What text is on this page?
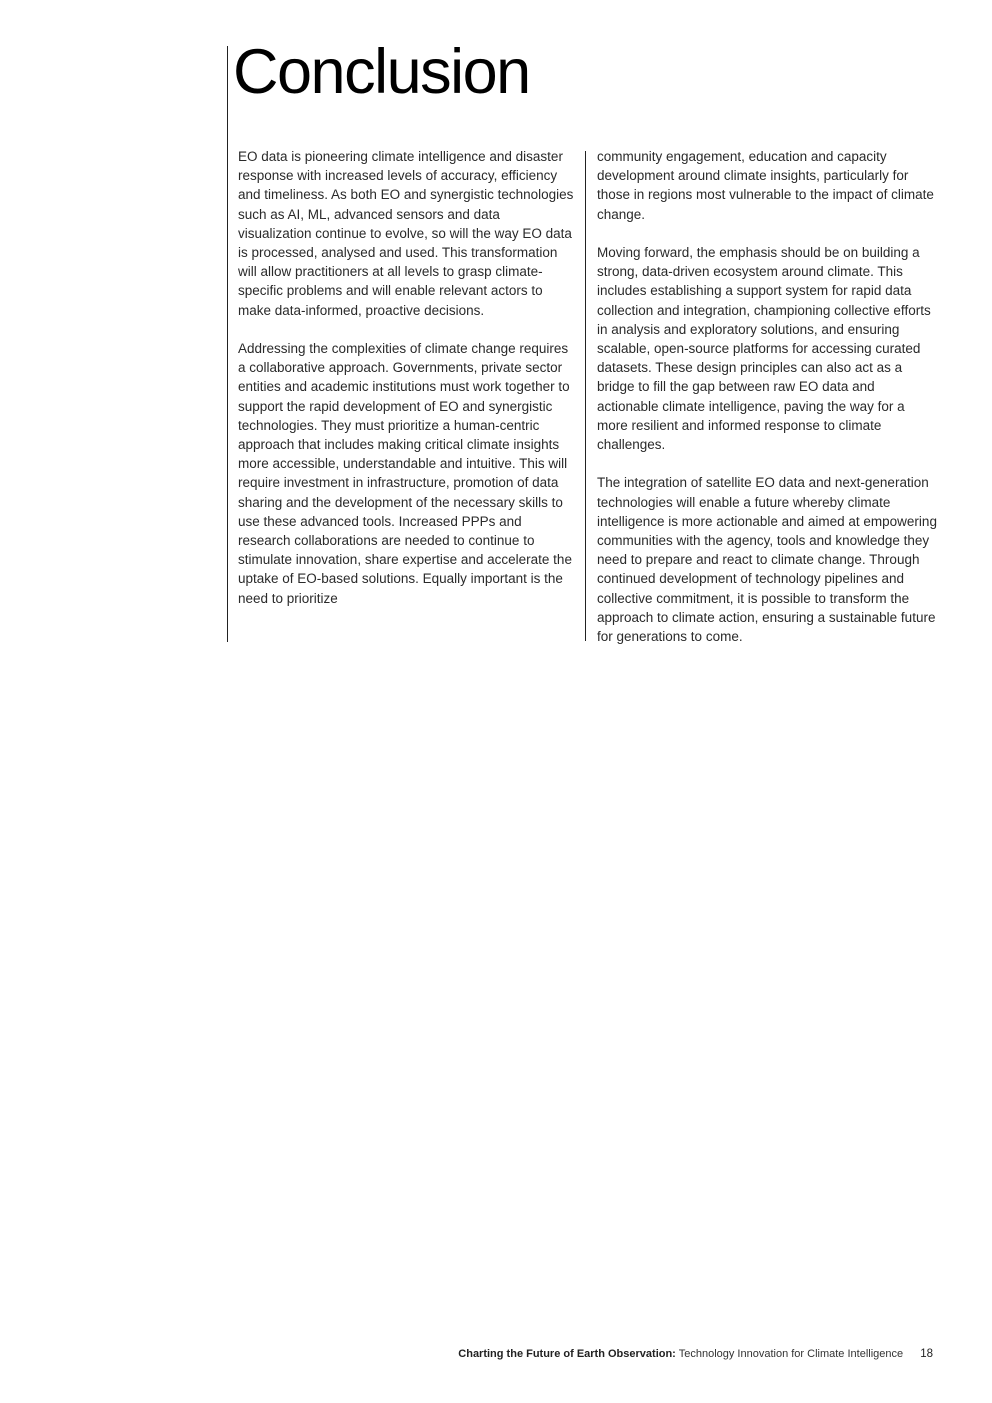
Conclusion

EO data is pioneering climate intelligence and disaster response with increased levels of accuracy, efficiency and timeliness. As both EO and synergistic technologies such as AI, ML, advanced sensors and data visualization continue to evolve, so will the way EO data is processed, analysed and used. This transformation will allow practitioners at all levels to grasp climate-specific problems and will enable relevant actors to make data-informed, proactive decisions.

Addressing the complexities of climate change requires a collaborative approach. Governments, private sector entities and academic institutions must work together to support the rapid development of EO and synergistic technologies. They must prioritize a human-centric approach that includes making critical climate insights more accessible, understandable and intuitive. This will require investment in infrastructure, promotion of data sharing and the development of the necessary skills to use these advanced tools. Increased PPPs and research collaborations are needed to continue to stimulate innovation, share expertise and accelerate the uptake of EO-based solutions. Equally important is the need to prioritize

community engagement, education and capacity development around climate insights, particularly for those in regions most vulnerable to the impact of climate change.

Moving forward, the emphasis should be on building a strong, data-driven ecosystem around climate. This includes establishing a support system for rapid data collection and integration, championing collective efforts in analysis and exploratory solutions, and ensuring scalable, open-source platforms for accessing curated datasets. These design principles can also act as a bridge to fill the gap between raw EO data and actionable climate intelligence, paving the way for a more resilient and informed response to climate challenges.

The integration of satellite EO data and next-generation technologies will enable a future whereby climate intelligence is more actionable and aimed at empowering communities with the agency, tools and knowledge they need to prepare and react to climate change. Through continued development of technology pipelines and collective commitment, it is possible to transform the approach to climate action, ensuring a sustainable future for generations to come.

Charting the Future of Earth Observation: Technology Innovation for Climate Intelligence 18
